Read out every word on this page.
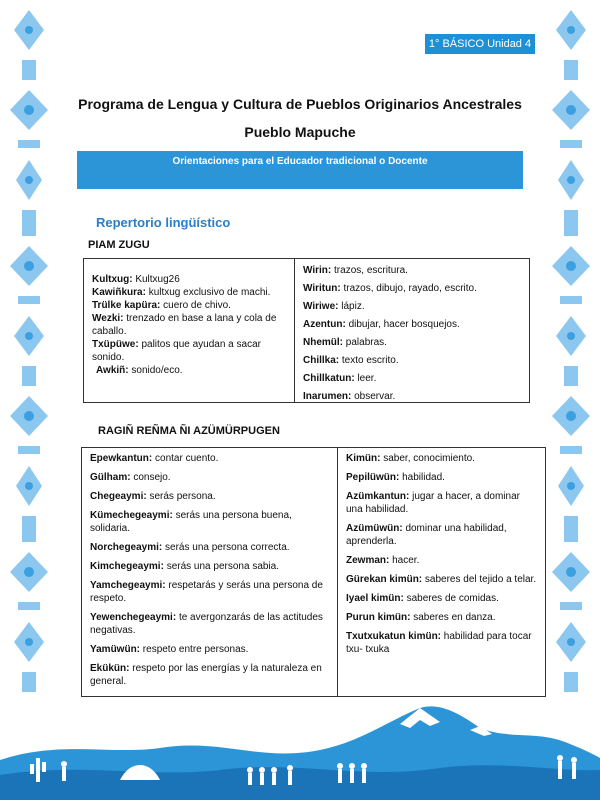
1° BÁSICO Unidad 4
Programa de Lengua y Cultura de Pueblos Originarios Ancestrales
Pueblo Mapuche
Orientaciones para el Educador tradicional o Docente
Repertorio lingüístico
PIAM ZUGU

Kultxug: Kultxug26

Kawiñkura: kultxug exclusivo de machi.

Trülke kapüra: cuero de chivo.

Wezki: trenzado en base a lana y cola de caballo.

Txüpüwe: palitos que ayudan a sacar sonido.

Awkiñ: sonido/eco.

Wirin: trazos, escritura.

Wiritun: trazos, dibujo, rayado, escrito.

Wiriwe: lápiz.

Azentun: dibujar, hacer bosquejos.

Nhemül: palabras.

Chillka: texto escrito.

Chillkatun: leer.

Inarumen: observar.

RAGIÑ REÑMA ÑI AZÜMÜRPUGEN

Epewkantun: contar cuento.

Gülham: consejo.

Chegeaymi: serás persona.

Kümechegeaymi: serás una persona buena, solidaria.

Norchegeaymi: serás una persona correcta.

Kimchegeaymi: serás una persona sabia.

Yamchegeaymi: respetarás y serás una persona de respeto.

Yewenchegeaymi: te avergonzarás de las actitudes negativas.

Yamüwün: respeto entre personas.

Ekükün: respeto por las energías y la naturaleza en general.

Kimün: saber, conocimiento.

Pepilüwün: habilidad.

Azümkantun: jugar a hacer, a dominar una habilidad.

Azümüwün: dominar una habilidad, aprenderla.

Zewman: hacer.

Gürekan kimün: saberes del tejido a telar.

Iyael kimün: saberes de comidas.

Purun kimün: saberes en danza.

Txutxukatun kimün: habilidad para tocar txu- txuka
